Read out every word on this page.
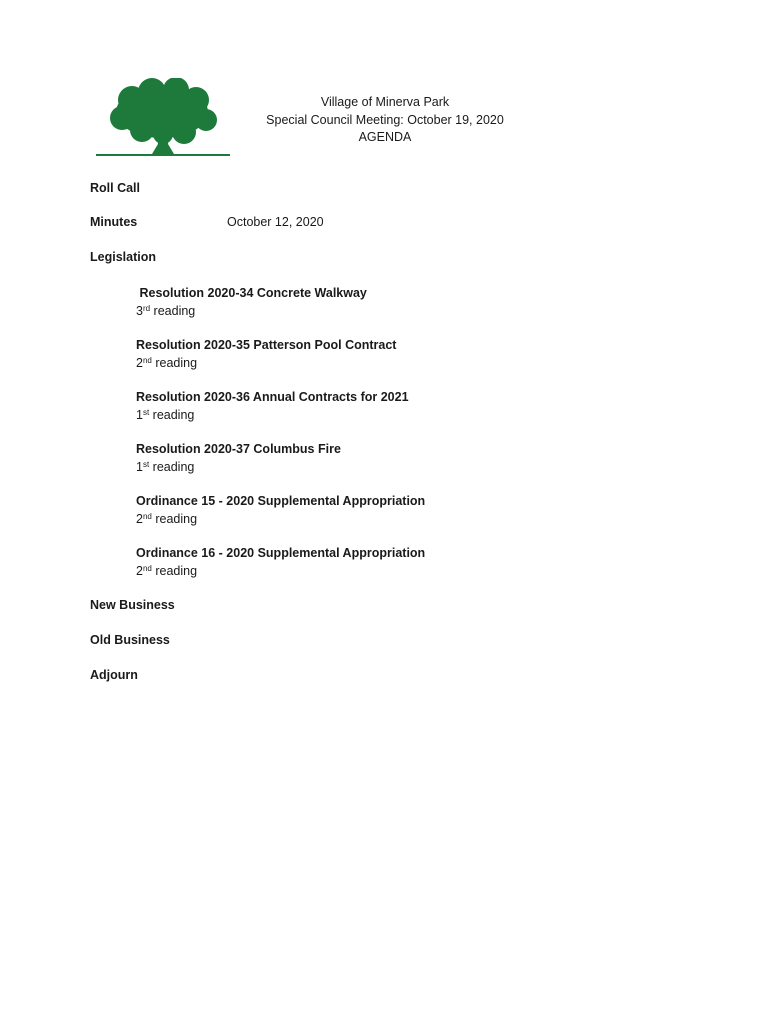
Village of Minerva Park
Special Council Meeting: October 19, 2020
AGENDA
Roll Call
Minutes	October 12, 2020
Legislation
Resolution 2020-34 Concrete Walkway
3rd reading
Resolution 2020-35 Patterson Pool Contract
2nd reading
Resolution 2020-36 Annual Contracts for 2021
1st reading
Resolution 2020-37 Columbus Fire
1st reading
Ordinance 15 - 2020 Supplemental Appropriation
2nd reading
Ordinance 16 - 2020 Supplemental Appropriation
2nd reading
New Business
Old Business
Adjourn
